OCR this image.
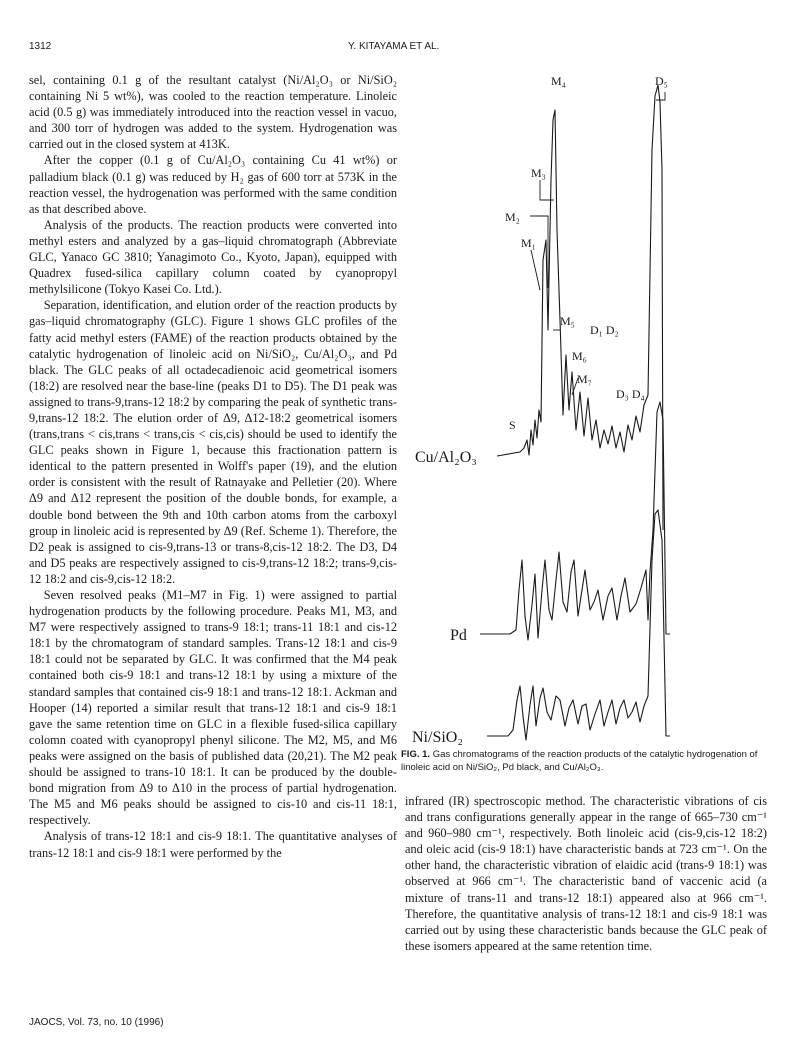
1312	Y. KITAYAMA ET AL.

sel, containing 0.1 g of the resultant catalyst (Ni/Al₂O₃ or Ni/SiO₂ containing Ni 5 wt%), was cooled to the reaction temperature. Linoleic acid (0.5 g) was immediately introduced into the reaction vessel in vacuo, and 300 torr of hydrogen was added to the system. Hydrogenation was carried out in the closed system at 413K.

After the copper (0.1 g of Cu/Al₂O₃ containing Cu 41 wt%) or palladium black (0.1 g) was reduced by H₂ gas of 600 torr at 573K in the reaction vessel, the hydrogenation was performed with the same condition as that described above.

Analysis of the products. The reaction products were converted into methyl esters and analyzed by a gas–liquid chromatograph (Abbreviate GLC, Yanaco GC 3810; Yanagimoto Co., Kyoto, Japan), equipped with Quadrex fused-silica capillary column coated by cyanopropyl methylsilicone (Tokyo Kasei Co. Ltd.).

Separation, identification, and elution order of the reaction products by gas–liquid chromatography (GLC). Figure 1 shows GLC profiles of the fatty acid methyl esters (FAME) of the reaction products obtained by the catalytic hydrogenation of linoleic acid on Ni/SiO₂, Cu/Al₂O₃, and Pd black. The GLC peaks of all octadecadienoic acid geometrical isomers (18:2) are resolved near the base-line (peaks D1 to D5). The D1 peak was assigned to trans-9,trans-12 18:2 by comparing the peak of synthetic trans-9,trans-12 18:2. The elution order of Δ9, Δ12-18:2 geometrical isomers (trans,trans < cis,trans < trans,cis < cis,cis) should be used to identify the GLC peaks shown in Figure 1, because this fractionation pattern is identical to the pattern presented in Wolff's paper (19), and the elution order is consistent with the result of Ratnayake and Pelletier (20). Where Δ9 and Δ12 represent the position of the double bonds, for example, a double bond between the 9th and 10th carbon atoms from the carboxyl group in linoleic acid is represented by Δ9 (Ref. Scheme 1). Therefore, the D2 peak is assigned to cis-9,trans-13 or trans-8,cis-12 18:2. The D3, D4 and D5 peaks are respectively assigned to cis-9,trans-12 18:2; trans-9,cis-12 18:2 and cis-9,cis-12 18:2.

Seven resolved peaks (M1–M7 in Fig. 1) were assigned to partial hydrogenation products by the following procedure. Peaks M1, M3, and M7 were respectively assigned to trans-9 18:1; trans-11 18:1 and cis-12 18:1 by the chromatogram of standard samples. Trans-12 18:1 and cis-9 18:1 could not be separated by GLC. It was confirmed that the M4 peak contained both cis-9 18:1 and trans-12 18:1 by using a mixture of the standard samples that contained cis-9 18:1 and trans-12 18:1. Ackman and Hooper (14) reported a similar result that trans-12 18:1 and cis-9 18:1 gave the same retention time on GLC in a flexible fused-silica capillary colomn coated with cyanopropyl phenyl silicone. The M2, M5, and M6 peaks were assigned on the basis of published data (20,21). The M2 peak should be assigned to trans-10 18:1. It can be produced by the double-bond migration from Δ9 to Δ10 in the process of partial hydrogenation. The M5 and M6 peaks should be assigned to cis-10 and cis-11 18:1, respectively.

Analysis of trans-12 18:1 and cis-9 18:1. The quantitative analyses of trans-12 18:1 and cis-9 18:1 were performed by the

M₄	D₅
M₃
M₂
M₁
M₅
D₁ D₂
M₆
M₇
D₃ D₄
S
Cu/Al₂O₃
Pd
Ni/SiO₂
FIG. 1. Gas chromatograms of the reaction products of the catalytic hydrogenation of linoleic acid on Ni/SiO₂, Pd black, and Cu/Al₂O₃.

infrared (IR) spectroscopic method. The characteristic vibrations of cis and trans configurations generally appear in the range of 665–730 cm⁻¹ and 960–980 cm⁻¹, respectively. Both linoleic acid (cis-9,cis-12 18:2) and oleic acid (cis-9 18:1) have characteristic bands at 723 cm⁻¹. On the other hand, the characteristic vibration of elaidic acid (trans-9 18:1) was observed at 966 cm⁻¹. The characteristic band of vaccenic acid (a mixture of trans-11 and trans-12 18:1) appeared also at 966 cm⁻¹. Therefore, the quantitative analysis of trans-12 18:1 and cis-9 18:1 was carried out by using these characteristic bands because the GLC peak of these isomers appeared at the same retention time.

JAOCS, Vol. 73, no. 10 (1996)
